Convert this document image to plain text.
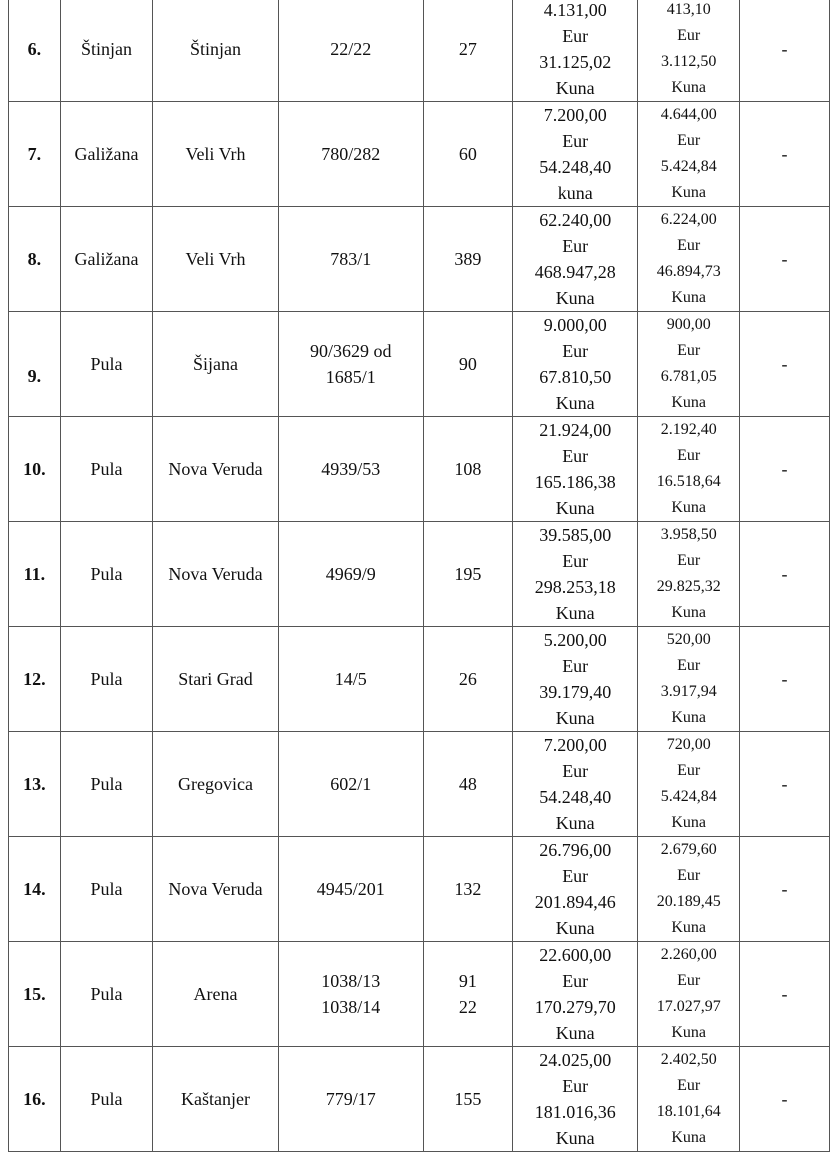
6.	Štinjan	Štinjan	22/22	27	4.131,00
Eur
31.125,02
Kuna	413,10
Eur
3.112,50
Kuna	-

7.	Galižana	Veli Vrh	780/282	60	7.200,00
Eur
54.248,40
kuna	4.644,00
Eur
5.424,84
Kuna	-

8.	Galižana	Veli Vrh	783/1	389	62.240,00
Eur
468.947,28
Kuna	6.224,00
Eur
46.894,73
Kuna	-

9.	Pula	Šijana	90/3629 od
1685/1	90	9.000,00
Eur
67.810,50
Kuna	900,00
Eur
6.781,05
Kuna	-

10.	Pula	Nova Veruda	4939/53	108	21.924,00
Eur
165.186,38
Kuna	2.192,40
Eur
16.518,64
Kuna	-

11.	Pula	Nova Veruda	4969/9	195	39.585,00
Eur
298.253,18
Kuna	3.958,50
Eur
29.825,32
Kuna	-

12.	Pula	Stari Grad	14/5	26	5.200,00
Eur
39.179,40
Kuna	520,00
Eur
3.917,94
Kuna	-

13.	Pula	Gregovica	602/1	48	7.200,00
Eur
54.248,40
Kuna	720,00
Eur
5.424,84
Kuna	-

14.	Pula	Nova Veruda	4945/201	132	26.796,00
Eur
201.894,46
Kuna	2.679,60
Eur
20.189,45
Kuna	-

15.	Pula	Arena	1038/13
1038/14	91
22	22.600,00
Eur
170.279,70
Kuna	2.260,00
Eur
17.027,97
Kuna	-

16.	Pula	Kaštanjer	779/17	155	24.025,00
Eur
181.016,36
Kuna	2.402,50
Eur
18.101,64
Kuna	-
